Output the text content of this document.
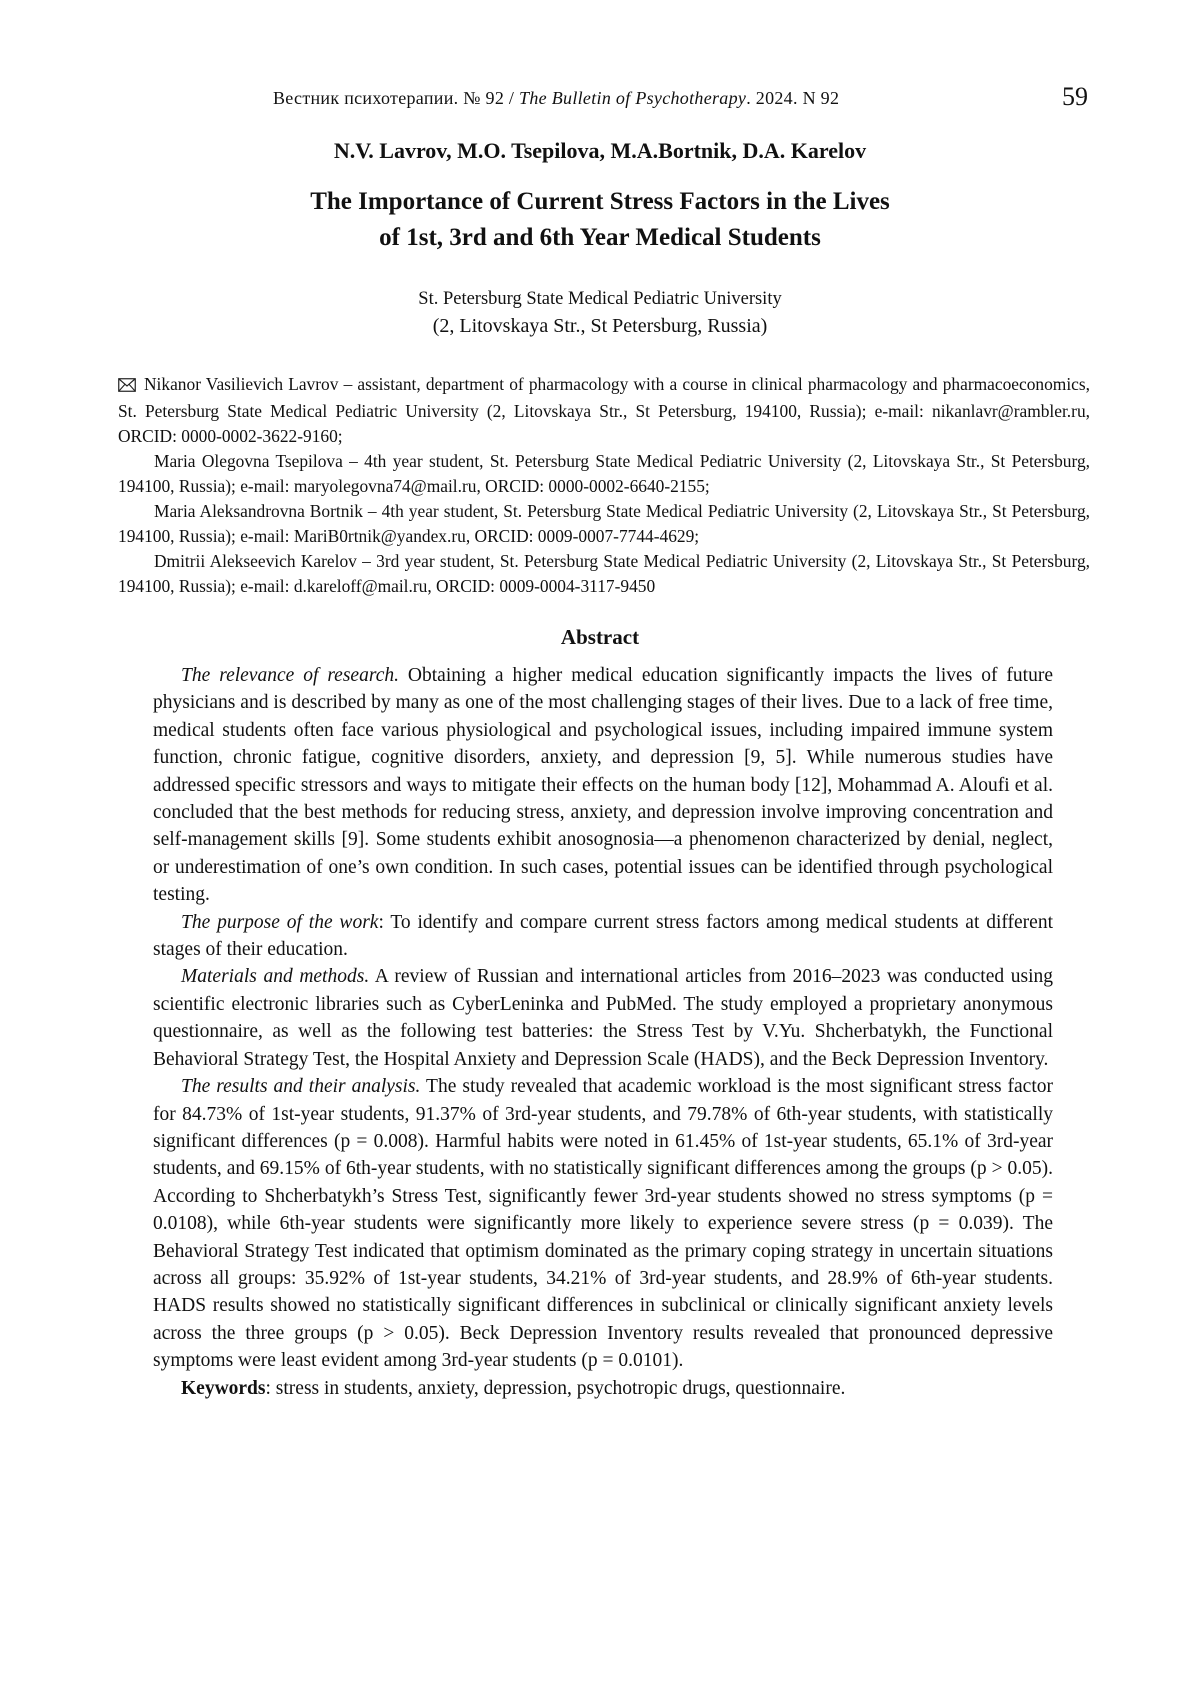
Вестник психотерапии. № 92 / The Bulletin of Psychotherapy. 2024. N 92	59
N.V. Lavrov, M.O. Tsepilova, M.A.Bortnik, D.A. Karelov
The Importance of Current Stress Factors in the Lives
of 1st, 3rd and 6th Year Medical Students
St. Petersburg State Medical Pediatric University
(2, Litovskaya Str., St Petersburg, Russia)

Nikanor Vasilievich Lavrov – assistant, department of pharmacology with a course in clinical pharmacology and pharmacoeconomics, St. Petersburg State Medical Pediatric University (2, Litovskaya Str., St Petersburg, 194100, Russia); e-mail: nikanlavr@rambler.ru, ORCID: 0000-0002-3622-9160;

Maria Olegovna Tsepilova – 4th year student, St. Petersburg State Medical Pediatric University (2, Litovskaya Str., St Petersburg, 194100, Russia); e-mail: maryolegovna74@mail.ru, ORCID: 0000-0002-6640-2155;

Maria Aleksandrovna Bortnik – 4th year student, St. Petersburg State Medical Pediatric University (2, Litovskaya Str., St Petersburg, 194100, Russia); e-mail: MariB0rtnik@yandex.ru, ORCID: 0009-0007-7744-4629;

Dmitrii Alekseevich Karelov – 3rd year student, St. Petersburg State Medical Pediatric University (2, Litovskaya Str., St Petersburg, 194100, Russia); e-mail: d.kareloff@mail.ru, ORCID: 0009-0004-3117-9450

Abstract

The relevance of research. Obtaining a higher medical education significantly impacts the lives of future physicians and is described by many as one of the most challenging stages of their lives. Due to a lack of free time, medical students often face various physiological and psychological issues, including impaired immune system function, chronic fatigue, cognitive disorders, anxiety, and depression [9, 5]. While numerous studies have addressed specific stressors and ways to mitigate their effects on the human body [12], Mohammad A. Aloufi et al. concluded that the best methods for reducing stress, anxiety, and depression involve improving concentration and self-management skills [9]. Some students exhibit anosognosia—a phenomenon characterized by denial, neglect, or underestimation of one’s own condition. In such cases, potential issues can be identified through psychological testing.

The purpose of the work: To identify and compare current stress factors among medical students at different stages of their education.

Materials and methods. A review of Russian and international articles from 2016–2023 was conducted using scientific electronic libraries such as CyberLeninka and PubMed. The study employed a proprietary anonymous questionnaire, as well as the following test batteries: the Stress Test by V.Yu. Shcherbatykh, the Functional Behavioral Strategy Test, the Hospital Anxiety and Depression Scale (HADS), and the Beck Depression Inventory.

The results and their analysis. The study revealed that academic workload is the most significant stress factor for 84.73% of 1st-year students, 91.37% of 3rd-year students, and 79.78% of 6th-year students, with statistically significant differences (p = 0.008). Harmful habits were noted in 61.45% of 1st-year students, 65.1% of 3rd-year students, and 69.15% of 6th-year students, with no statistically significant differences among the groups (p > 0.05). According to Shcherbatykh’s Stress Test, significantly fewer 3rd-year students showed no stress symptoms (p = 0.0108), while 6th-year students were significantly more likely to experience severe stress (p = 0.039). The Behavioral Strategy Test indicated that optimism dominated as the primary coping strategy in uncertain situations across all groups: 35.92% of 1st-year students, 34.21% of 3rd-year students, and 28.9% of 6th-year students. HADS results showed no statistically significant differences in subclinical or clinically significant anxiety levels across the three groups (p > 0.05). Beck Depression Inventory results revealed that pronounced depressive symptoms were least evident among 3rd-year students (p = 0.0101).

Keywords: stress in students, anxiety, depression, psychotropic drugs, questionnaire.
